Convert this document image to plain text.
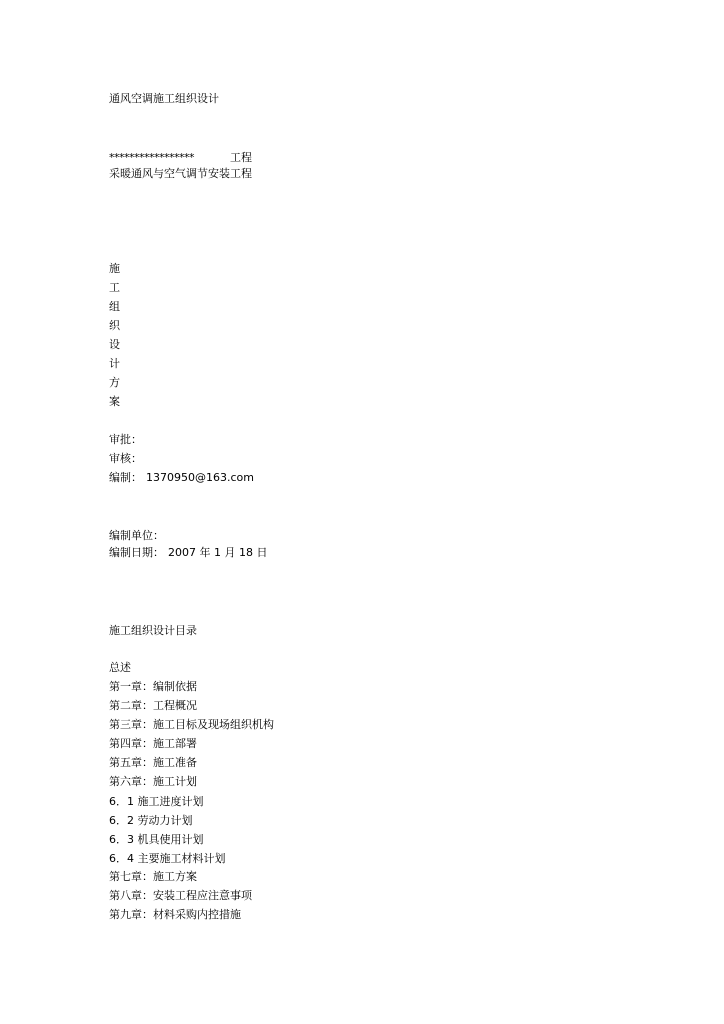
通风空调施工组织设计
*****************	工程
采暖通风与空气调节安装工程
施
工
组
织
设
计
方
案
审批：
审核：
编制： 1370950@163.com
编制单位：
编制日期： 2007 年 1 月 18 日
施工组织设计目录
总述
第一章：编制依据
第二章：工程概况
第三章：施工目标及现场组织机构
第四章：施工部署
第五章：施工准备
第六章：施工计划
6．1 施工进度计划
6．2 劳动力计划
6．3 机具使用计划
6．4 主要施工材料计划
第七章：施工方案
第八章：安装工程应注意事项
第九章：材料采购内控措施
